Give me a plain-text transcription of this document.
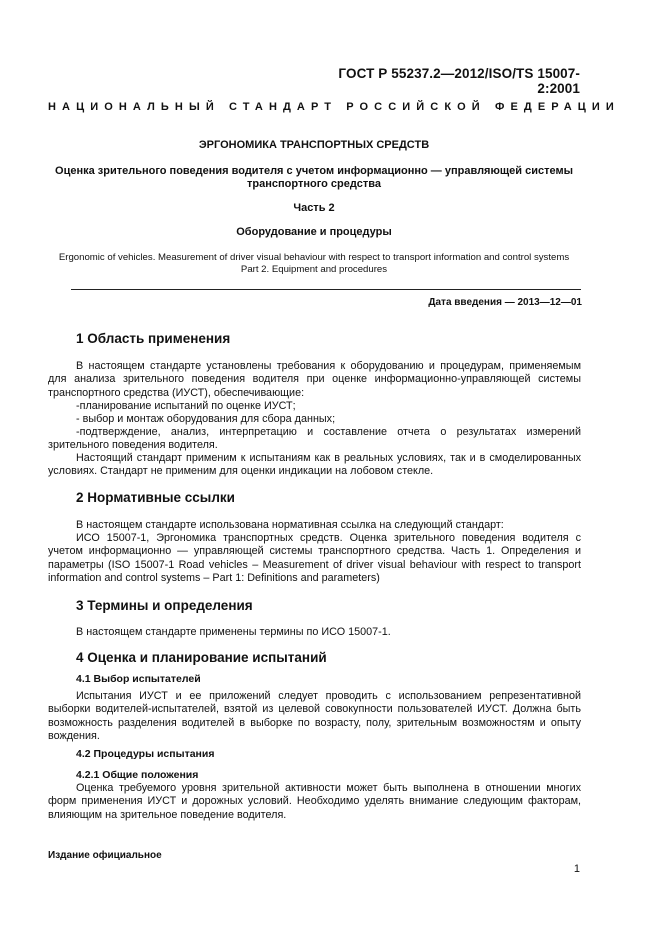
ГОСТ Р 55237.2—2012/ISO/TS 15007-2:2001
НАЦИОНАЛЬНЫЙ СТАНДАРТ РОССИЙСКОЙ ФЕДЕРАЦИИ
ЭРГОНОМИКА ТРАНСПОРТНЫХ СРЕДСТВ
Оценка зрительного поведения водителя с учетом информационно — управляющей системы
транспортного средства
Часть 2
Оборудование и процедуры
Ergonomic of vehicles. Measurement of driver visual behaviour with respect to transport information and control systems
Part 2. Equipment and procedures
Дата введения — 2013—12—01
1 Область применения
В настоящем стандарте установлены требования к оборудованию и процедурам, применяемым для анализа зрительного поведения водителя при оценке информационно-управляющей системы транспортного средства (ИУСТ), обеспечивающие:
-планирование испытаний по оценке ИУСТ;
- выбор и монтаж оборудования для сбора данных;
-подтверждение, анализ, интерпретацию и составление отчета о результатах измерений зрительного поведения водителя.
Настоящий стандарт применим к испытаниям как в реальных условиях, так и в смоделированных условиях. Стандарт не применим для оценки индикации на лобовом стекле.
2 Нормативные ссылки
В настоящем стандарте использована нормативная ссылка на следующий стандарт:
ИСО 15007-1, Эргономика транспортных средств. Оценка зрительного поведения водителя с учетом информационно — управляющей системы транспортного средства. Часть 1. Определения и параметры (ISO 15007-1 Road vehicles – Measurement of driver visual behaviour with respect to transport information and control systems – Part 1: Definitions and parameters)
3 Термины и определения
В настоящем стандарте применены термины по ИСО 15007-1.
4 Оценка и планирование испытаний
4.1 Выбор испытателей
Испытания ИУСТ и ее приложений следует проводить с использованием репрезентативной выборки водителей-испытателей, взятой из целевой совокупности пользователей ИУСТ. Должна быть возможность разделения водителей в выборке по возрасту, полу, зрительным возможностям и опыту вождения.
4.2 Процедуры испытания
4.2.1 Общие положения
Оценка требуемого уровня зрительной активности может быть выполнена в отношении многих форм применения ИУСТ и дорожных условий. Необходимо уделять внимание следующим факторам, влияющим на зрительное поведение водителя.
Издание официальное
1
